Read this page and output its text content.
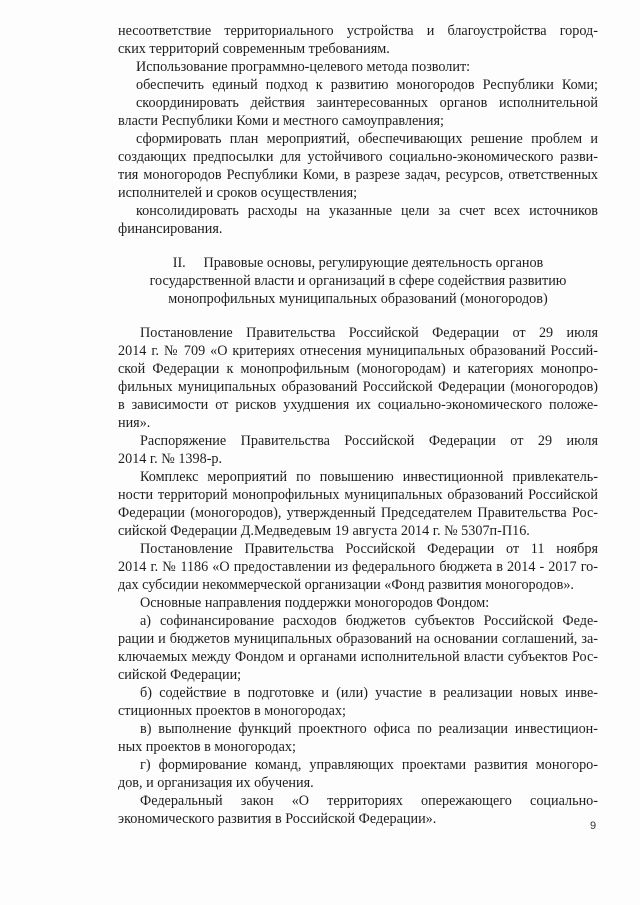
несоответствие территориального устройства и благоустройства город-
ских территорий современным требованиям.
Использование программно-целевого метода позволит:
обеспечить единый подход к развитию моногородов Республики Коми;
скоординировать действия заинтересованных органов исполнительной
власти Республики Коми и местного самоуправления;
сформировать план мероприятий, обеспечивающих решение проблем и
создающих предпосылки для устойчивого социально-экономического разви-
тия моногородов Республики Коми, в разрезе задач, ресурсов, ответственных
исполнителей и сроков осуществления;
консолидировать расходы на указанные цели за счет всех источников
финансирования.
II. Правовые основы, регулирующие деятельность органов
государственной власти и организаций в сфере содействия развитию
монопрофильных муниципальных образований (моногородов)
Постановление Правительства Российской Федерации от 29 июля
2014 г. № 709 «О критериях отнесения муниципальных образований Россий-
ской Федерации к монопрофильным (моногородам) и категориях монопро-
фильных муниципальных образований Российской Федерации (моногородов)
в зависимости от рисков ухудшения их социально-экономического положе-
ния».
Распоряжение Правительства Российской Федерации от 29 июля
2014 г. № 1398-р.
Комплекс мероприятий по повышению инвестиционной привлекатель-
ности территорий монопрофильных муниципальных образований Российской
Федерации (моногородов), утвержденный Председателем Правительства Рос-
сийской Федерации Д.Медведевым 19 августа 2014 г. № 5307п-П16.
Постановление Правительства Российской Федерации от 11 ноября
2014 г. № 1186 «О предоставлении из федерального бюджета в 2014 - 2017 го-
дах субсидии некоммерческой организации «Фонд развития моногородов».
Основные направления поддержки моногородов Фондом:
а) софинансирование расходов бюджетов субъектов Российской Феде-
рации и бюджетов муниципальных образований на основании соглашений, за-
ключаемых между Фондом и органами исполнительной власти субъектов Рос-
сийской Федерации;
б) содействие в подготовке и (или) участие в реализации новых инве-
стиционных проектов в моногородах;
в) выполнение функций проектного офиса по реализации инвестицион-
ных проектов в моногородах;
г) формирование команд, управляющих проектами развития моногоро-
дов, и организация их обучения.
Федеральный закон «О территориях опережающего социально-
экономического развития в Российской Федерации».	9
